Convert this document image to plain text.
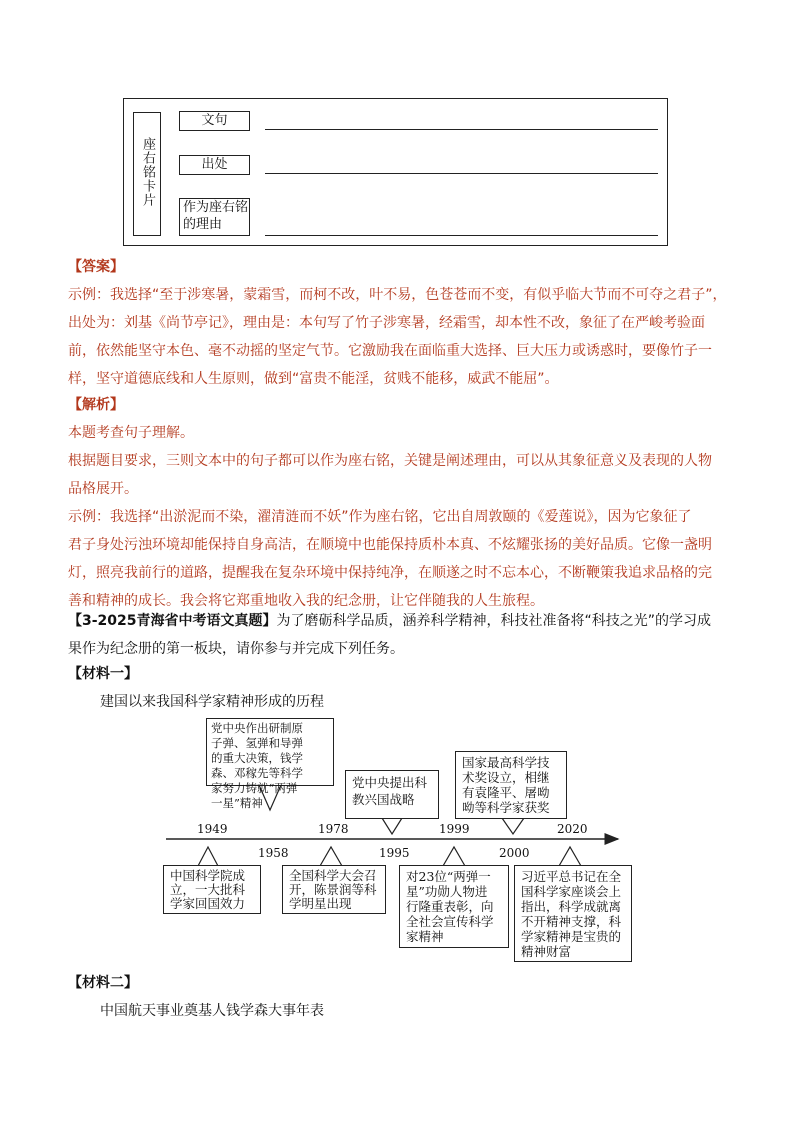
座右铭卡片
文句
出处
作为座右铭
的理由
【答案】
示例：我选择“至于涉寒暑，蒙霜雪，而柯不改，叶不易，色苍苍而不变，有似乎临大节而不可夺之君子”，
出处为：刘基《尚节亭记》，理由是：本句写了竹子涉寒暑，经霜雪，却本性不改，象征了在严峻考验面
前，依然能坚守本色、毫不动摇的坚定气节。它激励我在面临重大选择、巨大压力或诱惑时，要像竹子一
样，坚守道德底线和人生原则，做到“富贵不能淫，贫贱不能移，威武不能屈”。
【解析】
本题考查句子理解。
根据题目要求，三则文本中的句子都可以作为座右铭，关键是阐述理由，可以从其象征意义及表现的人物
品格展开。
示例：我选择“出淤泥而不染，濯清涟而不妖”作为座右铭，它出自周敦颐的《爱莲说》，因为它象征了
君子身处污浊环境却能保持自身高洁，在顺境中也能保持质朴本真、不炫耀张扬的美好品质。它像一盏明
灯，照亮我前行的道路，提醒我在复杂环境中保持纯净，在顺遂之时不忘本心，不断鞭策我追求品格的完
善和精神的成长。我会将它郑重地收入我的纪念册，让它伴随我的人生旅程。
【3-2025青海省中考语文真题】为了磨砺科学品质，涵养科学精神，科技社准备将“科技之光”的学习成
果作为纪念册的第一板块，请你参与并完成下列任务。
【材料一】
建国以来我国科学家精神形成的历程
1949
1958
1978
1995
1999
2000
2020
党中央作出研制原
子弹、氢弹和导弹
的重大决策，钱学
森、邓稼先等科学
家努力铸就“两弹
一星”精神
党中央提出科
教兴国战略
国家最高科学技
术奖设立，相继
有袁隆平、屠呦
呦等科学家获奖
中国科学院成
立，一大批科
学家回国效力
全国科学大会召
开，陈景润等科
学明星出现
对23位“两弹一
星”功勋人物进
行隆重表彰，向
全社会宣传科学
家精神
习近平总书记在全
国科学家座谈会上
指出，科学成就离
不开精神支撑，科
学家精神是宝贵的
精神财富
【材料二】
中国航天事业奠基人钱学森大事年表
